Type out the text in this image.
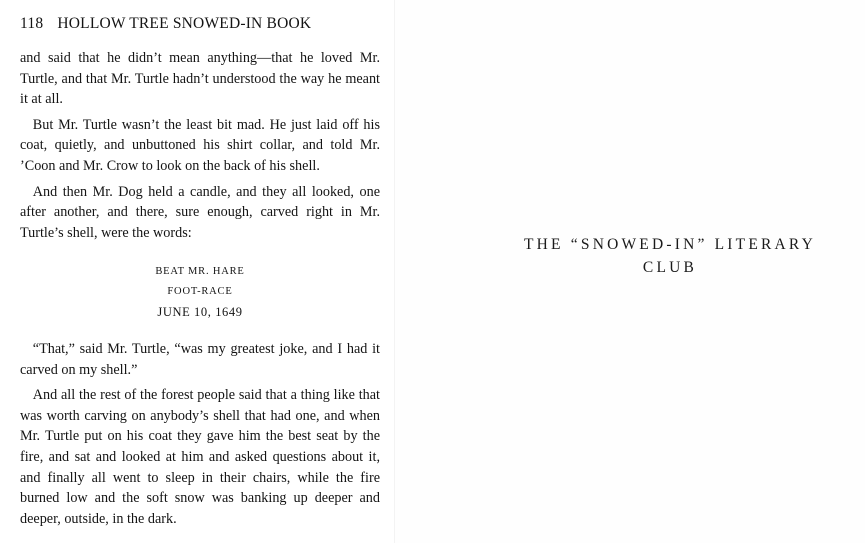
118 HOLLOW TREE SNOWED-IN BOOK

and said that he didn’t mean anything—that he loved Mr. Turtle, and that Mr. Turtle hadn’t understood the way he meant it at all.

But Mr. Turtle wasn’t the least bit mad. He just laid off his coat, quietly, and unbuttoned his shirt collar, and told Mr. ’Coon and Mr. Crow to look on the back of his shell.

And then Mr. Dog held a candle, and they all looked, one after another, and there, sure enough, carved right in Mr. Turtle’s shell, were the words:

BEAT MR. HARE
FOOT-RACE
JUNE 10, 1649

“That,” said Mr. Turtle, “was my greatest joke, and I had it carved on my shell.”

And all the rest of the forest people said that a thing like that was worth carving on anybody’s shell that had one, and when Mr. Turtle put on his coat they gave him the best seat by the fire, and sat and looked at him and asked questions about it, and finally all went to sleep in their chairs, while the fire burned low and the soft snow was banking up deeper and deeper, outside, in the dark.

THE “SNOWED-IN” LITERARY
CLUB
